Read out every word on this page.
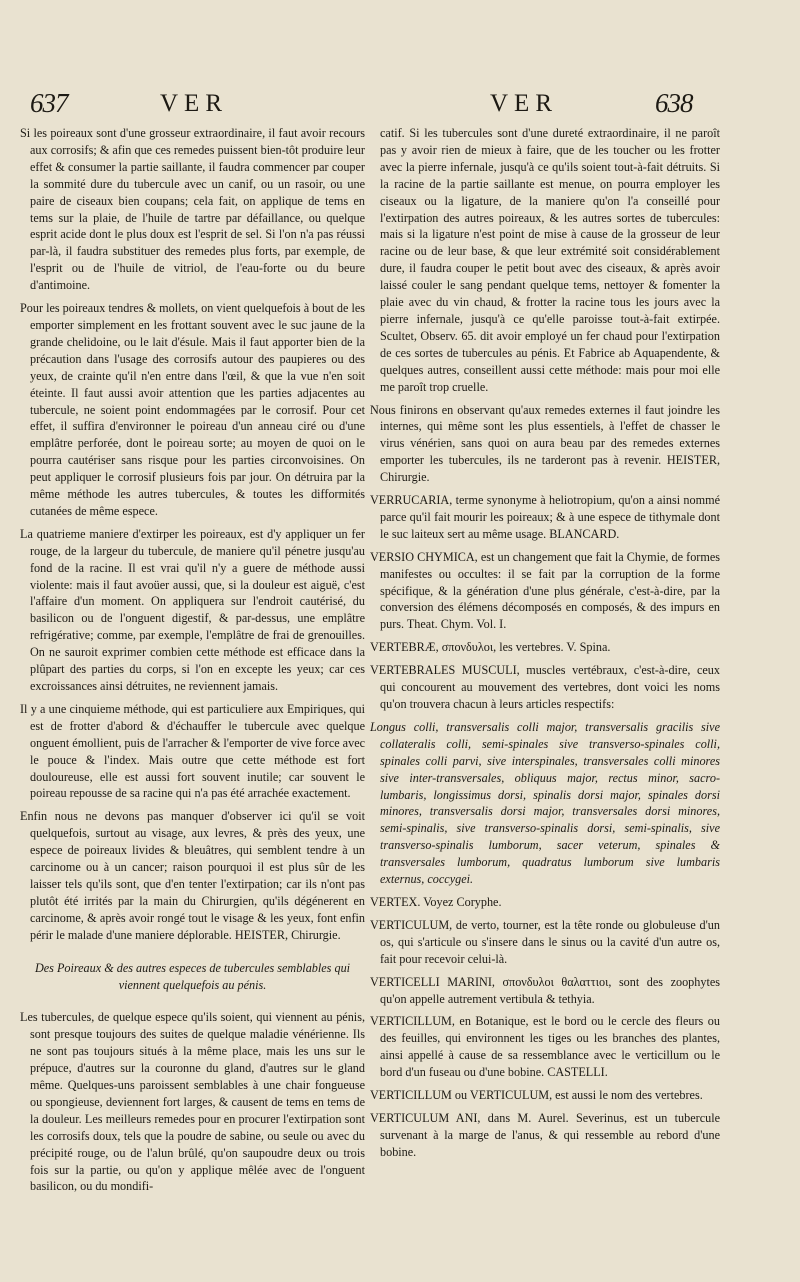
637	VER	VER	638

Si les poireaux sont d'une grosseur extraordinaire, il faut avoir recours aux corrosifs; & afin que ces remedes puissent bien-tôt produire leur effet & consumer la partie saillante, il faudra commencer par couper la sommité dure du tubercule avec un canif, ou un rasoir, ou une paire de ciseaux bien coupans; cela fait, on applique de tems en tems sur la plaie, de l'huile de tartre par défaillance, ou quelque esprit acide dont le plus doux est l'esprit de sel. Si l'on n'a pas réussi par-là, il faudra substituer des remedes plus forts, par exemple, de l'esprit ou de l'huile de vitriol, de l'eau-forte ou du beure d'antimoine.

Pour les poireaux tendres & mollets, on vient quelquefois à bout de les emporter simplement en les frottant souvent avec le suc jaune de la grande chelidoine, ou le lait d'ésule. Mais il faut apporter bien de la précaution dans l'usage des corrosifs autour des paupieres ou des yeux, de crainte qu'il n'en entre dans l'œil, & que la vue n'en soit éteinte. Il faut aussi avoir attention que les parties adjacentes au tubercule, ne soient point endommagées par le corrosif. Pour cet effet, il suffira d'environner le poireau d'un anneau ciré ou d'une emplâtre perforée, dont le poireau sorte; au moyen de quoi on le pourra cautériser sans risque pour les parties circonvoisines. On peut appliquer le corrosif plusieurs fois par jour. On détruira par la même méthode les autres tubercules, & toutes les difformités cutanées de même espece.

La quatrieme maniere d'extirper les poireaux, est d'y appliquer un fer rouge, de la largeur du tubercule, de maniere qu'il pénetre jusqu'au fond de la racine. Il est vrai qu'il n'y a guere de méthode aussi violente: mais il faut avoüer aussi, que, si la douleur est aiguë, c'est l'affaire d'un moment. On appliquera sur l'endroit cautérisé, du basilicon ou de l'onguent digestif, & par-dessus, une emplâtre refrigérative; comme, par exemple, l'emplâtre de frai de grenouilles. On ne sauroit exprimer combien cette méthode est efficace dans la plûpart des parties du corps, si l'on en excepte les yeux; car ces excroissances ainsi détruites, ne reviennent jamais.

Il y a une cinquieme méthode, qui est particuliere aux Empiriques, qui est de frotter d'abord & d'échauffer le tubercule avec quelque onguent émollient, puis de l'arracher & l'emporter de vive force avec le pouce & l'index. Mais outre que cette méthode est fort douloureuse, elle est aussi fort souvent inutile; car souvent le poireau repousse de sa racine qui n'a pas été arrachée exactement.

Enfin nous ne devons pas manquer d'observer ici qu'il se voit quelquefois, surtout au visage, aux levres, & près des yeux, une espece de poireaux livides & bleuâtres, qui semblent tendre à un carcinome ou à un cancer; raison pourquoi il est plus sûr de les laisser tels qu'ils sont, que d'en tenter l'extirpation; car ils n'ont pas plutôt été irrités par la main du Chirurgien, qu'ils dégénerent en carcinome, & après avoir rongé tout le visage & les yeux, font enfin périr le malade d'une maniere déplorable. HEISTER, Chirurgie.

Des Poireaux & des autres especes de tubercules semblables qui viennent quelquefois au pénis.

Les tubercules, de quelque espece qu'ils soient, qui viennent au pénis, sont presque toujours des suites de quelque maladie vénérienne. Ils ne sont pas toujours situés à la même place, mais les uns sur le prépuce, d'autres sur la couronne du gland, d'autres sur le gland même. Quelques-uns paroissent semblables à une chair fongueuse ou spongieuse, deviennent fort larges, & causent de tems en tems de la douleur. Les meilleurs remedes pour en procurer l'extirpation sont les corrosifs doux, tels que la poudre de sabine, ou seule ou avec du précipité rouge, ou de l'alun brûlé, qu'on saupoudre deux ou trois fois sur la partie, ou qu'on y applique mêlée avec de l'onguent basilicon, ou du mondifi-

catif. Si les tubercules sont d'une dureté extraordinaire, il ne paroît pas y avoir rien de mieux à faire, que de les toucher ou les frotter avec la pierre infernale, jusqu'à ce qu'ils soient tout-à-fait détruits. Si la racine de la partie saillante est menue, on pourra employer les ciseaux ou la ligature, de la maniere qu'on l'a conseillé pour l'extirpation des autres poireaux, & les autres sortes de tubercules: mais si la ligature n'est point de mise à cause de la grosseur de leur racine ou de leur base, & que leur extrémité soit considérablement dure, il faudra couper le petit bout avec des ciseaux, & après avoir laissé couler le sang pendant quelque tems, nettoyer & fomenter la plaie avec du vin chaud, & frotter la racine tous les jours avec la pierre infernale, jusqu'à ce qu'elle paroisse tout-à-fait extirpée. Scultet, Observ. 65. dit avoir employé un fer chaud pour l'extirpation de ces sortes de tubercules au pénis. Et Fabrice ab Aquapendente, & quelques autres, conseillent aussi cette méthode: mais pour moi elle me paroît trop cruelle.

Nous finirons en observant qu'aux remedes externes il faut joindre les internes, qui même sont les plus essentiels, à l'effet de chasser le virus vénérien, sans quoi on aura beau par des remedes externes emporter les tubercules, ils ne tarderont pas à revenir. HEISTER, Chirurgie.

VERRUCARIA, terme synonyme à heliotropium, qu'on a ainsi nommé parce qu'il fait mourir les poireaux; & à une espece de tithymale dont le suc laiteux sert au même usage. BLANCARD.

VERSIO CHYMICA, est un changement que fait la Chymie, de formes manifestes ou occultes: il se fait par la corruption de la forme spécifique, & la génération d'une plus générale, c'est-à-dire, par la conversion des élémens décomposés en composés, & des impurs en purs. Theat. Chym. Vol. I.

VERTEBRÆ, σπονδυλοι, les vertebres. V. Spina.

VERTEBRALES MUSCULI, muscles vertébraux, c'est-à-dire, ceux qui concourent au mouvement des vertebres, dont voici les noms qu'on trouvera chacun à leurs articles respectifs:

Longus colli, transversalis colli major, transversalis gracilis sive collateralis colli, semi-spinales sive transverso-spinales colli, spinales colli parvi, sive interspinales, transversales colli minores sive inter-transversales, obliquus major, rectus minor, sacro-lumbaris, longissimus dorsi, spinalis dorsi major, spinales dorsi minores, transversalis dorsi major, transversales dorsi minores, semi-spinalis, sive transverso-spinalis dorsi, semi-spinalis, sive transverso-spinalis lumborum, sacer veterum, spinales & transversales lumborum, quadratus lumborum sive lumbaris externus, coccygei.

VERTEX. Voyez Coryphe.

VERTICULUM, de verto, tourner, est la tête ronde ou globuleuse d'un os, qui s'articule ou s'insere dans le sinus ou la cavité d'un autre os, fait pour recevoir celui-là.

VERTICELLI MARINI, σπονδυλοι θαλαττιοι, sont des zoophytes qu'on appelle autrement vertibula & tethyia.

VERTICILLUM, en Botanique, est le bord ou le cercle des fleurs ou des feuilles, qui environnent les tiges ou les branches des plantes, ainsi appellé à cause de sa ressemblance avec le verticillum ou le bord d'un fuseau ou d'une bobine. CASTELLI.

VERTICILLUM ou VERTICULUM, est aussi le nom des vertebres.

VERTICULUM ANI, dans M. Aurel. Severinus, est un tubercule survenant à la marge de l'anus, & qui ressemble au rebord d'une bobine.
